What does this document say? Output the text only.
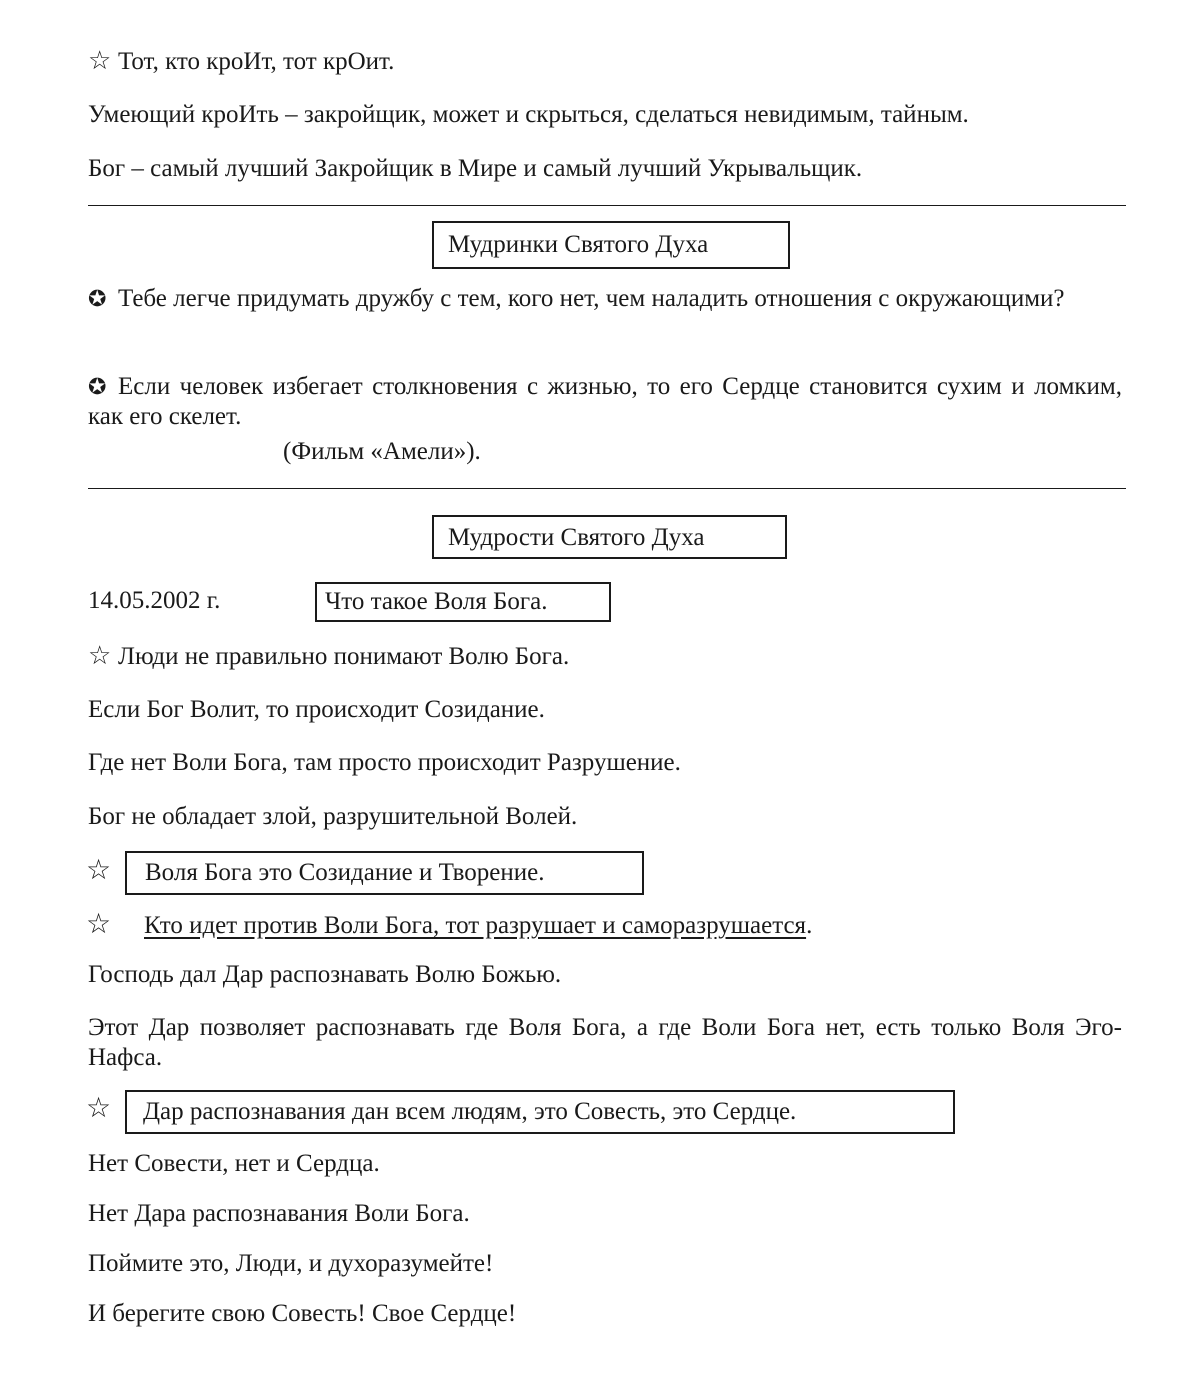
☆ Тот, кто кроИт, тот крОит.
Умеющий кроИть – закройщик, может и скрыться, сделаться невидимым, тайным.
Бог – самый лучший Закройщик в Мире и самый лучший Укрывальщик.
Мудринки Святого Духа
✪ Тебе легче придумать дружбу с тем, кого нет, чем наладить отношения с окружающими?
✪ Если человек избегает столкновения с жизнью, то его Сердце становится сухим и ломким, как его скелет.
(Фильм «Амели»).
Мудрости Святого Духа
14.05.2002 г.	Что такое Воля Бога.
☆ Люди не правильно понимают Волю Бога.
Если Бог Волит, то происходит Созидание.
Где нет Воли Бога, там просто происходит Разрушение.
Бог не обладает злой, разрушительной Волей.
☆	Воля Бога это Созидание и Творение.
☆ Кто идет против Воли Бога, тот разрушает и саморазрушается.
Господь дал Дар распознавать Волю Божью.
Этот Дар позволяет распознавать где Воля Бога, а где Воли Бога нет, есть только Воля Эго-Нафса.
☆	Дар распознавания дан всем людям, это Совесть, это Сердце.
Нет Совести, нет и Сердца.
Нет Дара распознавания Воли Бога.
Поймите это, Люди, и духоразумейте!
И берегите свою Совесть! Свое Сердце!
